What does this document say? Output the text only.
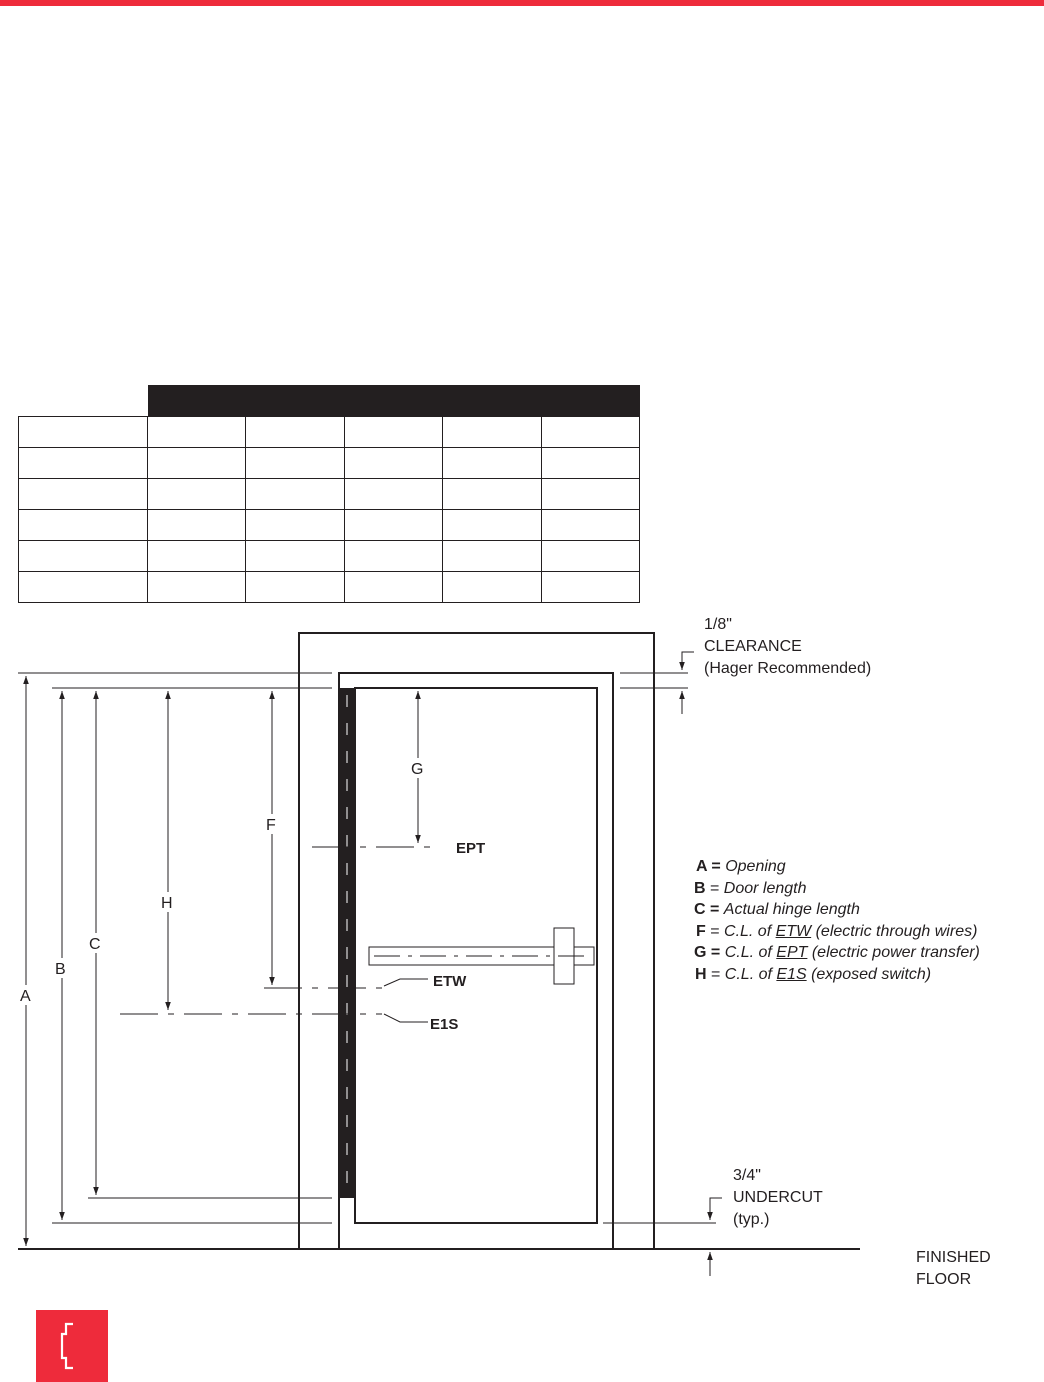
A
B
C
H
F
G
EPT
ETW
E1S
1/8"
CLEARANCE
(Hager Recommended)
3/4"
UNDERCUT
(typ.)
FINISHED
FLOOR
A = Opening
B = Door length
C = Actual hinge length
F = C.L. of ETW (electric through wires)
G = C.L. of EPT (electric power transfer)
H = C.L. of E1S (exposed switch)
